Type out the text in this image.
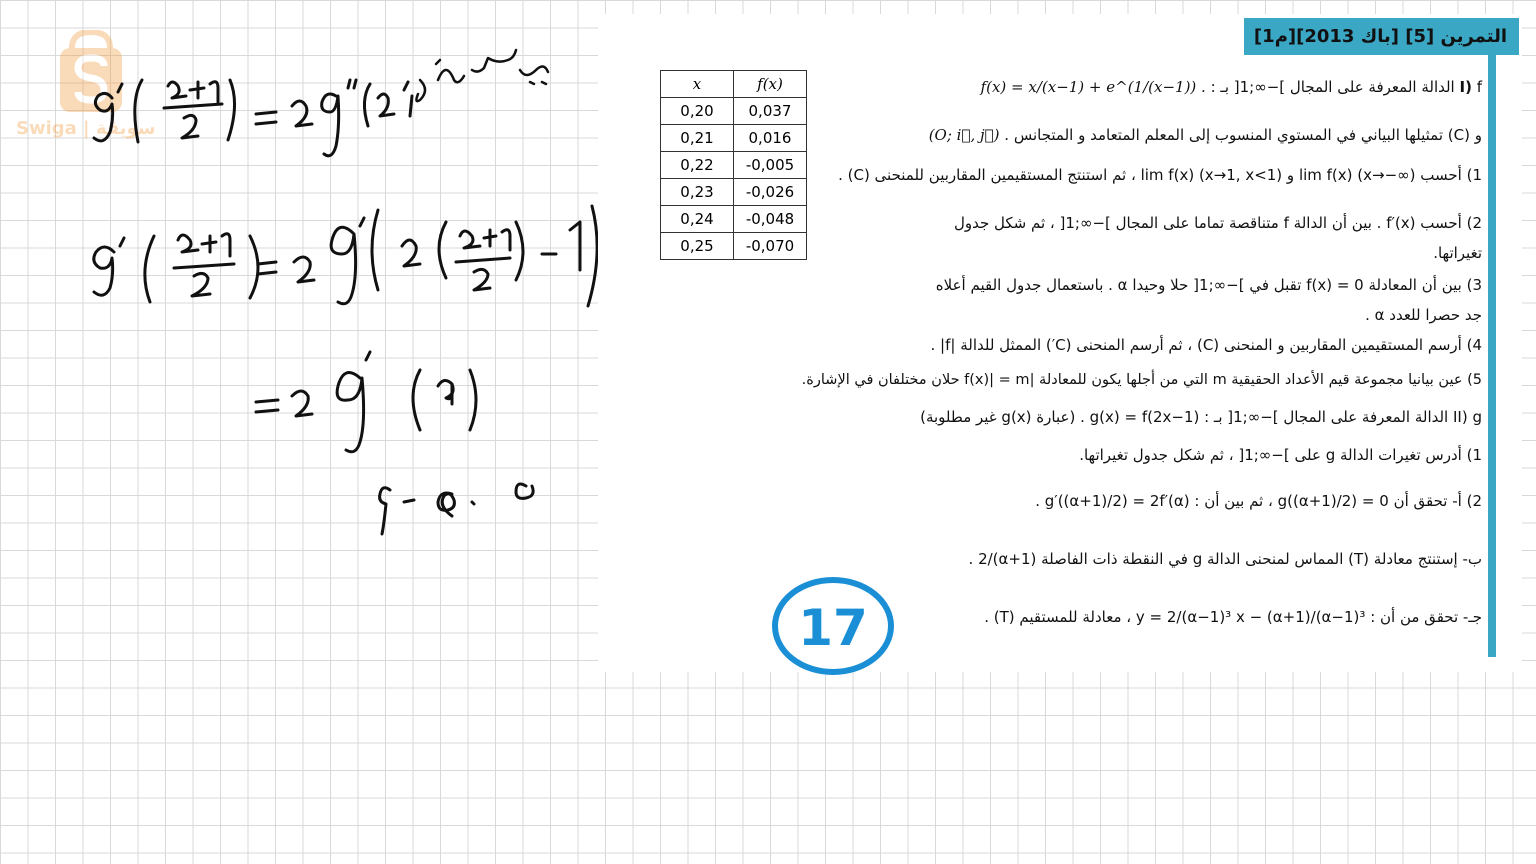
Swiga | سويقة
التمرين [5] [باك 2013][م1]
x	f(x)
0,20	0,037
0,21	0,016
0,22	-0,005
0,23	-0,026
0,24	-0,048
0,25	-0,070
I) f الدالة المعرفة على المجال ]−∞;1[ بـ : f(x) = x/(x−1) + e^(1/(x−1)) .
و (C) تمثيلها البياني في المستوي المنسوب إلى المعلم المتعامد و المتجانس (O; i⃗, j⃗) .
1) أحسب lim f(x) (x→−∞) و lim f(x) (x→1, x<1) ، ثم استنتج المستقيمين المقاربين للمنحنى (C) .
2) أحسب f′(x) . بين أن الدالة f متناقصة تماما على المجال ]−∞;1[ ، ثم شكل جدول
تغيراتها.
3) بين أن المعادلة f(x) = 0 تقبل في ]−∞;1[ حلا وحيدا α . باستعمال جدول القيم أعلاه
جد حصرا للعدد α .
4) أرسم المستقيمين المقاربين و المنحنى (C) ، ثم أرسم المنحنى (C′) الممثل للدالة |f| .
5) عين بيانيا مجموعة قيم الأعداد الحقيقية m التي من أجلها يكون للمعادلة |f(x)| = m حلان مختلفان في الإشارة.
II) g الدالة المعرفة على المجال ]−∞;1[ بـ : g(x) = f(2x−1) . (عبارة g(x) غير مطلوبة)
1) أدرس تغيرات الدالة g على ]−∞;1[ ، ثم شكل جدول تغيراتها.
2) أ- تحقق أن g((α+1)/2) = 0 ، ثم بين أن : g′((α+1)/2) = 2f′(α) .
ب- إستنتج معادلة (T) المماس لمنحنى الدالة g في النقطة ذات الفاصلة (α+1)/2 .
جـ- تحقق من أن : y = 2/(α−1)³ x − (α+1)/(α−1)³ ، معادلة للمستقيم (T) .
17
